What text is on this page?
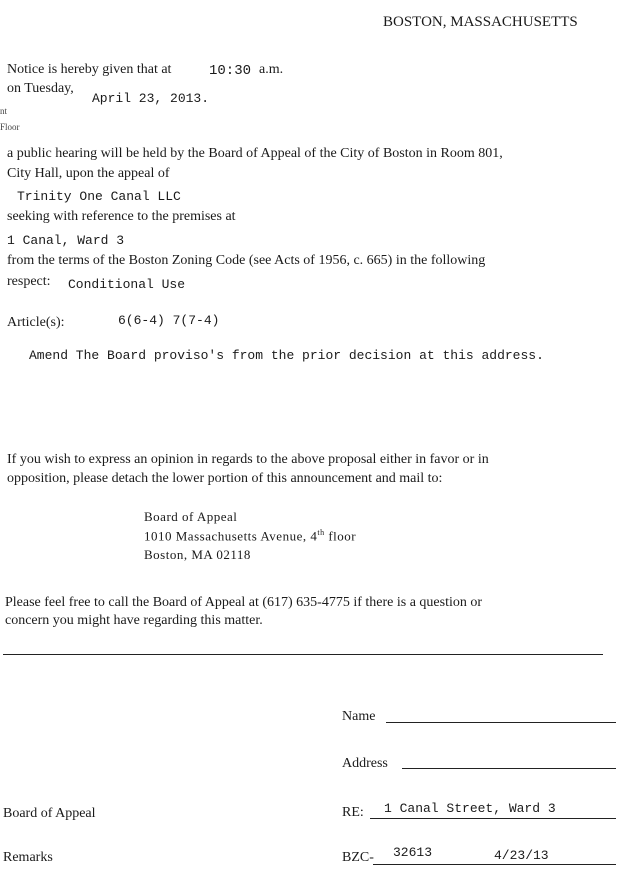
BOSTON, MASSACHUSETTS
nt
Floor
Notice is hereby given that at	10:30 a.m.
on Tuesday,
April 23, 2013.
a public hearing will be held by the Board of Appeal of the City of Boston in Room 801,
City Hall, upon the appeal of
Trinity One Canal LLC
seeking with reference to the premises at
1 Canal, Ward 3
from the terms of the Boston Zoning Code (see Acts of 1956, c. 665) in the following
respect: Conditional Use
Article(s):	6(6-4) 7(7-4)
Amend The Board proviso's from the prior decision at this address.
If you wish to express an opinion in regards to the above proposal either in favor or in
opposition, please detach the lower portion of this announcement and mail to:
Board of Appeal
1010 Massachusetts Avenue, 4th floor
Boston, MA 02118
Please feel free to call the Board of Appeal at (617) 635-4775 if there is a question or
concern you might have regarding this matter.
Name
Address
Board of Appeal	RE: 1 Canal Street, Ward 3
Remarks	BZC- 32613	4/23/13
